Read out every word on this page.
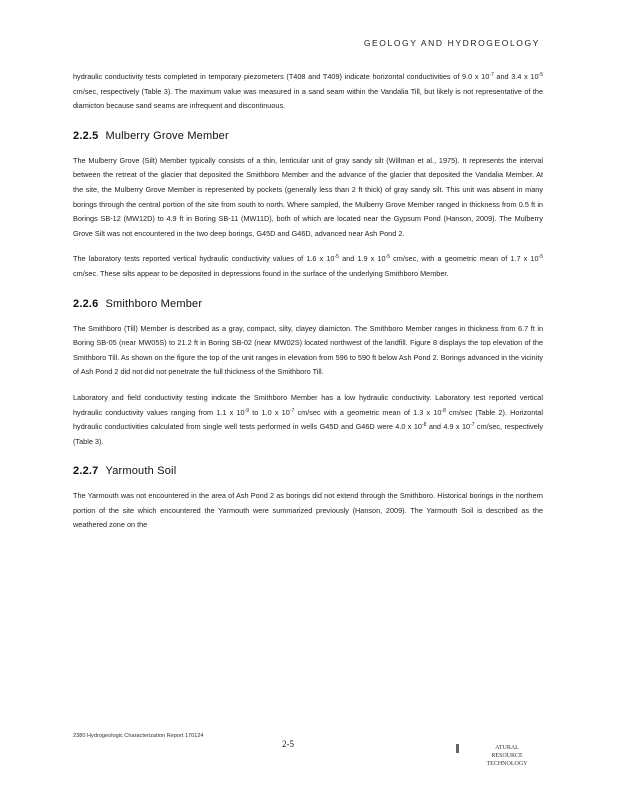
GEOLOGY AND HYDROGEOLOGY

hydraulic conductivity tests completed in temporary piezometers (T408 and T409) indicate horizontal conductivities of 9.0 x $10^{-7}$ and 3.4 x $10^{-5}$ cm/sec, respectively (Table 3). The maximum value was measured in a sand seam within the Vandalia Till, but likely is not representative of the diamicton because sand seams are infrequent and discontinuous.

2.2.5 Mulberry Grove Member

The Mulberry Grove (Silt) Member typically consists of a thin, lenticular unit of gray sandy silt (Willman et al., 1975). It represents the interval between the retreat of the glacier that deposited the Smithboro Member and the advance of the glacier that deposited the Vandalia Member. At the site, the Mulberry Grove Member is represented by pockets (generally less than 2 ft thick) of gray sandy silt. This unit was absent in many borings through the central portion of the site from south to north. Where sampled, the Mulberry Grove Member ranged in thickness from 0.5 ft in Borings SB-12 (MW12D) to 4.9 ft in Boring SB-11 (MW11D), both of which are located near the Gypsum Pond (Hanson, 2009). The Mulberry Grove Silt was not encountered in the two deep borings, G45D and G46D, advanced near Ash Pond 2.

The laboratory tests reported vertical hydraulic conductivity values of 1.6 x $10^{-5}$ and 1.9 x $10^{-5}$ cm/sec, with a geometric mean of 1.7 x $10^{-5}$ cm/sec. These silts appear to be deposited in depressions found in the surface of the underlying Smithboro Member.

2.2.6 Smithboro Member

The Smithboro (Till) Member is described as a gray, compact, silty, clayey diamicton. The Smithboro Member ranges in thickness from 6.7 ft in Boring SB-05 (near MW05S) to 21.2 ft in Boring SB-02 (near MW02S) located northwest of the landfill. Figure 8 displays the top elevation of the Smithboro Till. As shown on the figure the top of the unit ranges in elevation from 596 to 590 ft below Ash Pond 2. Borings advanced in the vicinity of Ash Pond 2 did not did not penetrate the full thickness of the Smithboro Till.

Laboratory and field conductivity testing indicate the Smithboro Member has a low hydraulic conductivity. Laboratory test reported vertical hydraulic conductivity values ranging from 1.1 x $10^{-9}$ to 1.0 x $10^{-7}$ cm/sec with a geometric mean of 1.3 x $10^{-8}$ cm/sec (Table 2). Horizontal hydraulic conductivities calculated from single well tests performed in wells G45D and G46D were 4.0 x $10^{-8}$ and 4.9 x $10^{-7}$ cm/sec, respectively (Table 3).

2.2.7 Yarmouth Soil

The Yarmouth was not encountered in the area of Ash Pond 2 as borings did not extend through the Smithboro. Historical borings in the northern portion of the site which encountered the Yarmouth were summarized previously (Hanson, 2009). The Yarmouth Soil is described as the weathered zone on the

2380 Hydrogeologic Characterization Report 170124
2-5	ATURAL
RESOURCE
TECHNOLOGY
